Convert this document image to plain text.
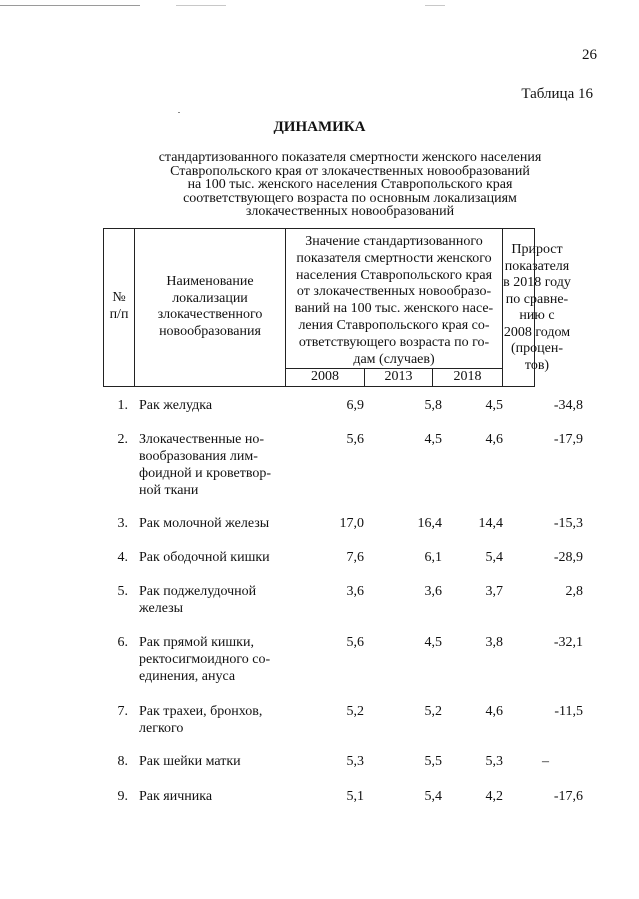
26
Таблица 16
ДИНАМИКА
стандартизованного показателя смертности женского населения
Ставропольского края от злокачественных новообразований
на 100 тыс. женского населения Ставропольского края
соответствующего возраста по основным локализациям
злокачественных новообразований
№
п/п
Наименование
локализации
злокачественного
новообразования
Значение стандартизованного
показателя смертности женского
населения Ставропольского края
от злокачественных новообразо-
ваний на 100 тыс. женского насе-
ления Ставропольского края со-
ответствующего возраста по го-
дам (случаев)
2008	2013	2018
Прирост
показателя
в 2018 году
по сравне-
нию с
2008 годом
(процен-
тов)
1. Рак желудка	6,9	5,8	4,5	-34,8
2. Злокачественные но-
вообразования лим-
фоидной и кроветвор-
ной ткани
5,6	4,5	4,6	-17,9
3. Рак молочной железы	17,0	16,4	14,4	-15,3
4. Рак ободочной кишки	7,6	6,1	5,4	-28,9
5. Рак поджелудочной
железы
3,6	3,6	3,7	2,8
6. Рак прямой кишки,
ректосигмоидного со-
единения, ануса
5,6	4,5	3,8	-32,1
7. Рак трахеи, бронхов,
легкого
5,2	5,2	4,6	-11,5
8. Рак шейки матки	5,3	5,5	5,3	–
9. Рак яичника	5,1	5,4	4,2	-17,6
